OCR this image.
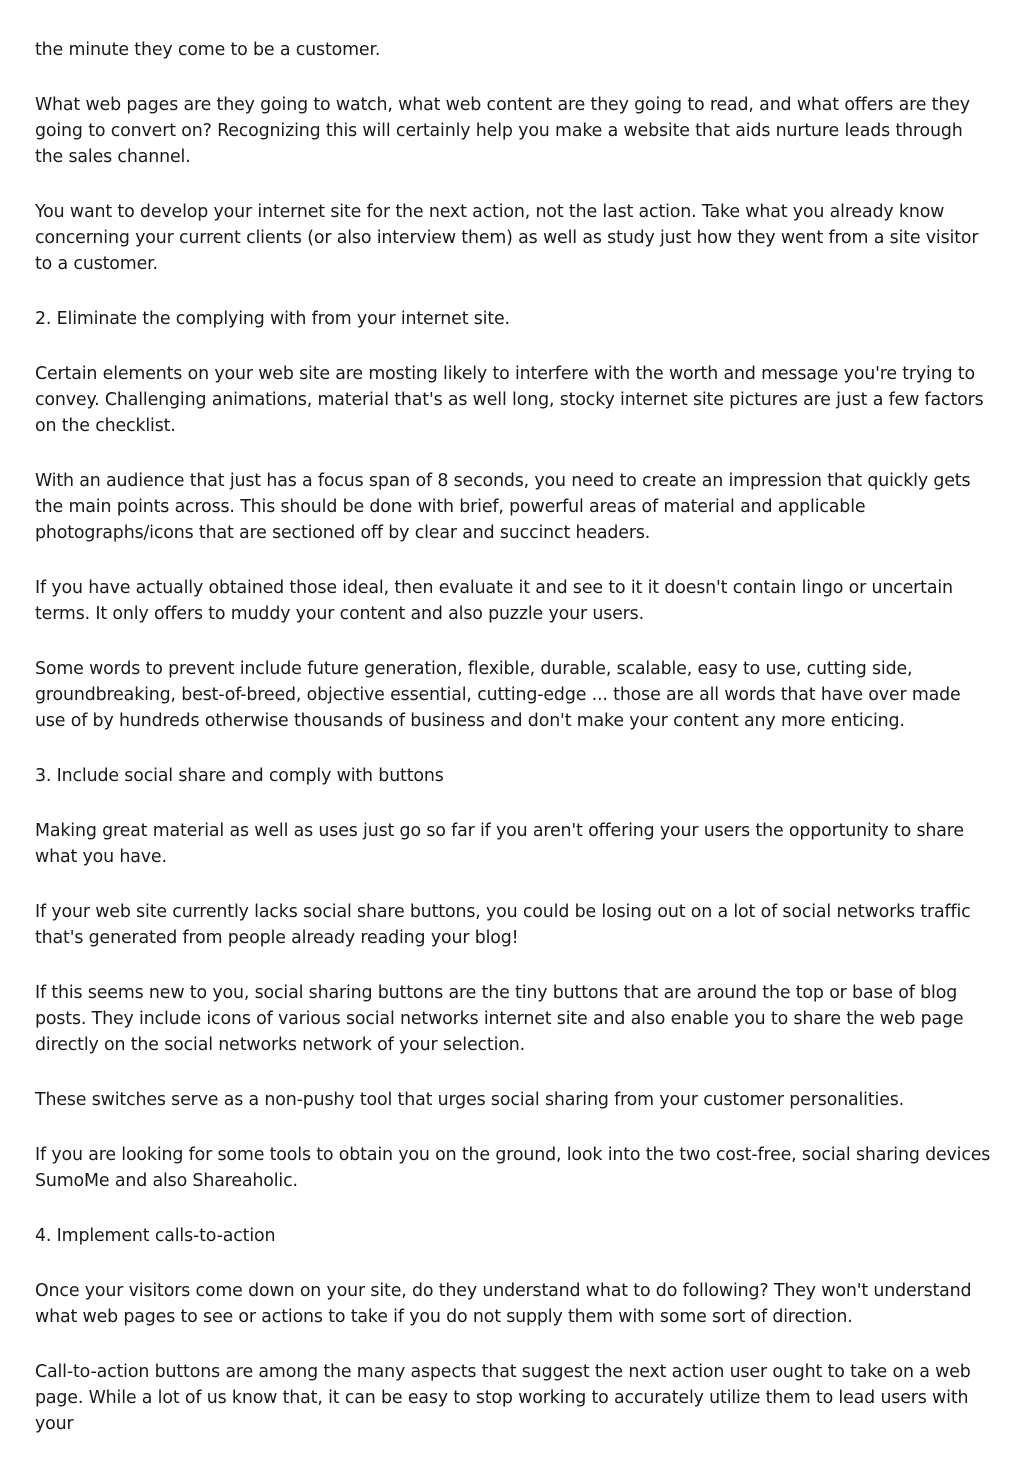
the minute they come to be a customer.

What web pages are they going to watch, what web content are they going to read, and what offers are they going to convert on? Recognizing this will certainly help you make a website that aids nurture leads through the sales channel.

You want to develop your internet site for the next action, not the last action. Take what you already know concerning your current clients (or also interview them) as well as study just how they went from a site visitor to a customer.

2. Eliminate the complying with from your internet site.

Certain elements on your web site are mosting likely to interfere with the worth and message you're trying to convey. Challenging animations, material that's as well long, stocky internet site pictures are just a few factors on the checklist.

With an audience that just has a focus span of 8 seconds, you need to create an impression that quickly gets the main points across. This should be done with brief, powerful areas of material and applicable photographs/icons that are sectioned off by clear and succinct headers.

If you have actually obtained those ideal, then evaluate it and see to it it doesn't contain lingo or uncertain terms. It only offers to muddy your content and also puzzle your users.

Some words to prevent include future generation, flexible, durable, scalable, easy to use, cutting side, groundbreaking, best-of-breed, objective essential, cutting-edge ... those are all words that have over made use of by hundreds otherwise thousands of business and don't make your content any more enticing.

3. Include social share and comply with buttons

Making great material as well as uses just go so far if you aren't offering your users the opportunity to share what you have.

If your web site currently lacks social share buttons, you could be losing out on a lot of social networks traffic that's generated from people already reading your blog!

If this seems new to you, social sharing buttons are the tiny buttons that are around the top or base of blog posts. They include icons of various social networks internet site and also enable you to share the web page directly on the social networks network of your selection.

These switches serve as a non-pushy tool that urges social sharing from your customer personalities.

If you are looking for some tools to obtain you on the ground, look into the two cost-free, social sharing devices SumoMe and also Shareaholic.

4. Implement calls-to-action

Once your visitors come down on your site, do they understand what to do following? They won't understand what web pages to see or actions to take if you do not supply them with some sort of direction.

Call-to-action buttons are among the many aspects that suggest the next action user ought to take on a web page. While a lot of us know that, it can be easy to stop working to accurately utilize them to lead users with your
